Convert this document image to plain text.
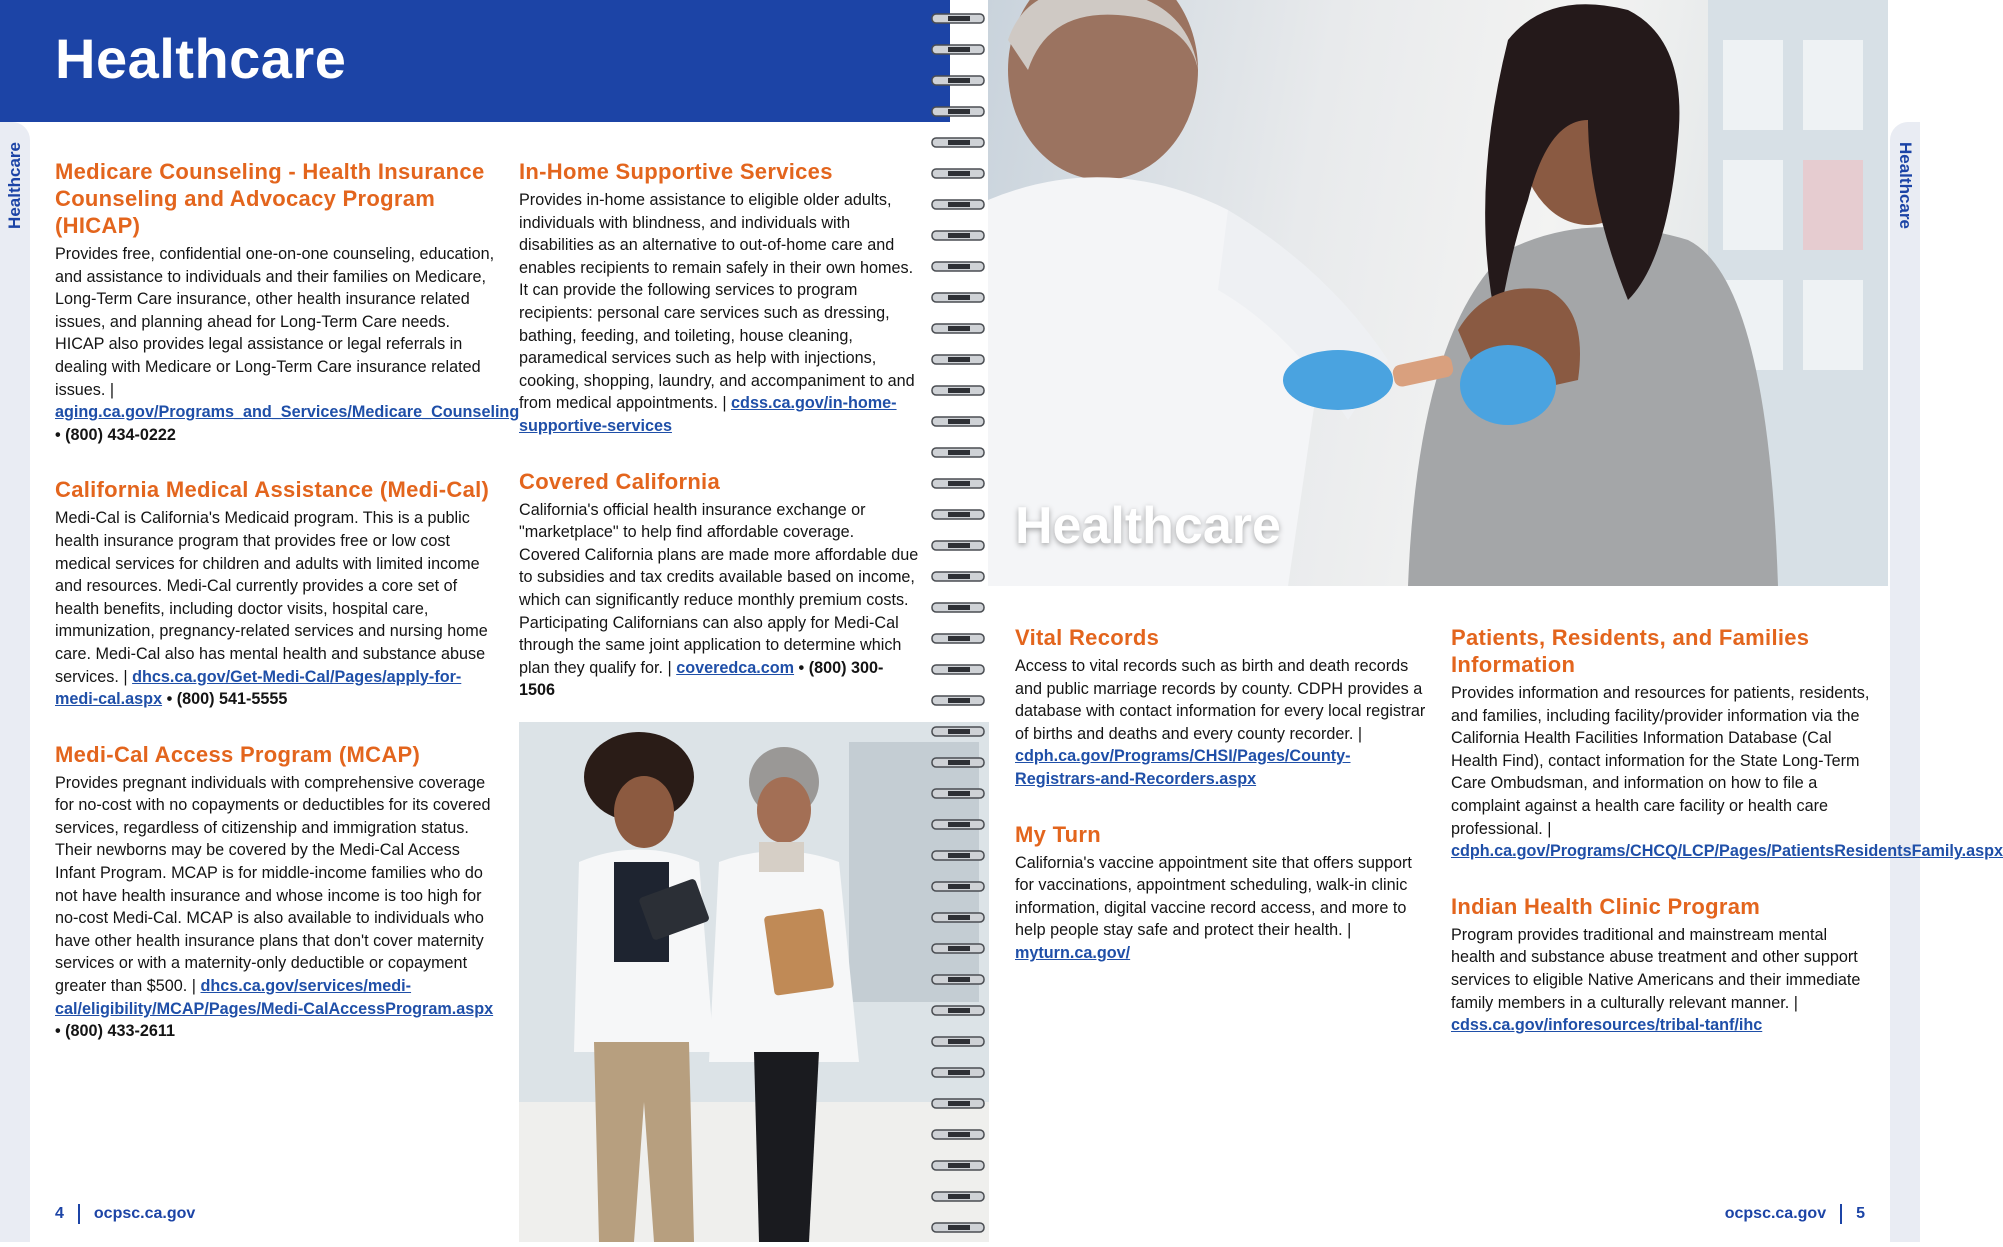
Healthcare
Healthcare	Healthcare
Healthcare
Medicare Counseling - Health Insurance Counseling and Advocacy Program (HICAP)

Provides free, confidential one-on-one counseling, education, and assistance to individuals and their families on Medicare, Long-Term Care insurance, other health insurance related issues, and planning ahead for Long-Term Care needs. HICAP also provides legal assistance or legal referrals in dealing with Medicare or Long-Term Care insurance related issues. | aging.ca.gov/Programs_and_Services/Medicare_Counseling • (800) 434-0222

California Medical Assistance (Medi-Cal)

Medi-Cal is California's Medicaid program. This is a public health insurance program that provides free or low cost medical services for children and adults with limited income and resources. Medi-Cal currently provides a core set of health benefits, including doctor visits, hospital care, immunization, pregnancy-related services and nursing home care. Medi-Cal also has mental health and substance abuse services. | dhcs.ca.gov/Get-Medi-Cal/Pages/apply-for-medi-cal.aspx • (800) 541-5555

Medi-Cal Access Program (MCAP)

Provides pregnant individuals with comprehensive coverage for no-cost with no copayments or deductibles for its covered services, regardless of citizenship and immigration status. Their newborns may be covered by the Medi-Cal Access Infant Program. MCAP is for middle-income families who do not have health insurance and whose income is too high for no-cost Medi-Cal. MCAP is also available to individuals who have other health insurance plans that don't cover maternity services or with a maternity-only deductible or copayment greater than $500. | dhcs.ca.gov/services/medi-cal/eligibility/MCAP/Pages/Medi-CalAccessProgram.aspx • (800) 433-2611

In-Home Supportive Services

Provides in-home assistance to eligible older adults, individuals with blindness, and individuals with disabilities as an alternative to out-of-home care and enables recipients to remain safely in their own homes. It can provide the following services to program recipients: personal care services such as dressing, bathing, feeding, and toileting, house cleaning, paramedical services such as help with injections, cooking, shopping, laundry, and accompaniment to and from medical appointments. | cdss.ca.gov/in-home-supportive-services

Covered California

California's official health insurance exchange or "marketplace" to help find affordable coverage. Covered California plans are made more affordable due to subsidies and tax credits available based on income, which can significantly reduce monthly premium costs. Participating Californians can also apply for Medi-Cal through the same joint application to determine which plan they qualify for. | coveredca.com • (800) 300-1506

Vital Records

Access to vital records such as birth and death records and public marriage records by county. CDPH provides a database with contact information for every local registrar of births and deaths and every county recorder. | cdph.ca.gov/Programs/CHSI/Pages/County-Registrars-and-Recorders.aspx

My Turn

California's vaccine appointment site that offers support for vaccinations, appointment scheduling, walk-in clinic information, digital vaccine record access, and more to help people stay safe and protect their health. | myturn.ca.gov/

Patients, Residents, and Families Information

Provides information and resources for patients, residents, and families, including facility/provider information via the California Health Facilities Information Database (Cal Health Find), contact information for the State Long-Term Care Ombudsman, and information on how to file a complaint against a health care facility or health care professional. | cdph.ca.gov/Programs/CHCQ/LCP/Pages/PatientsResidentsFamily.aspx

Indian Health Clinic Program

Program provides traditional and mainstream mental health and substance abuse treatment and other support services to eligible Native Americans and their immediate family members in a culturally relevant manner. | cdss.ca.gov/inforesources/tribal-tanf/ihc

4 ocpsc.ca.gov	ocpsc.ca.gov 5
